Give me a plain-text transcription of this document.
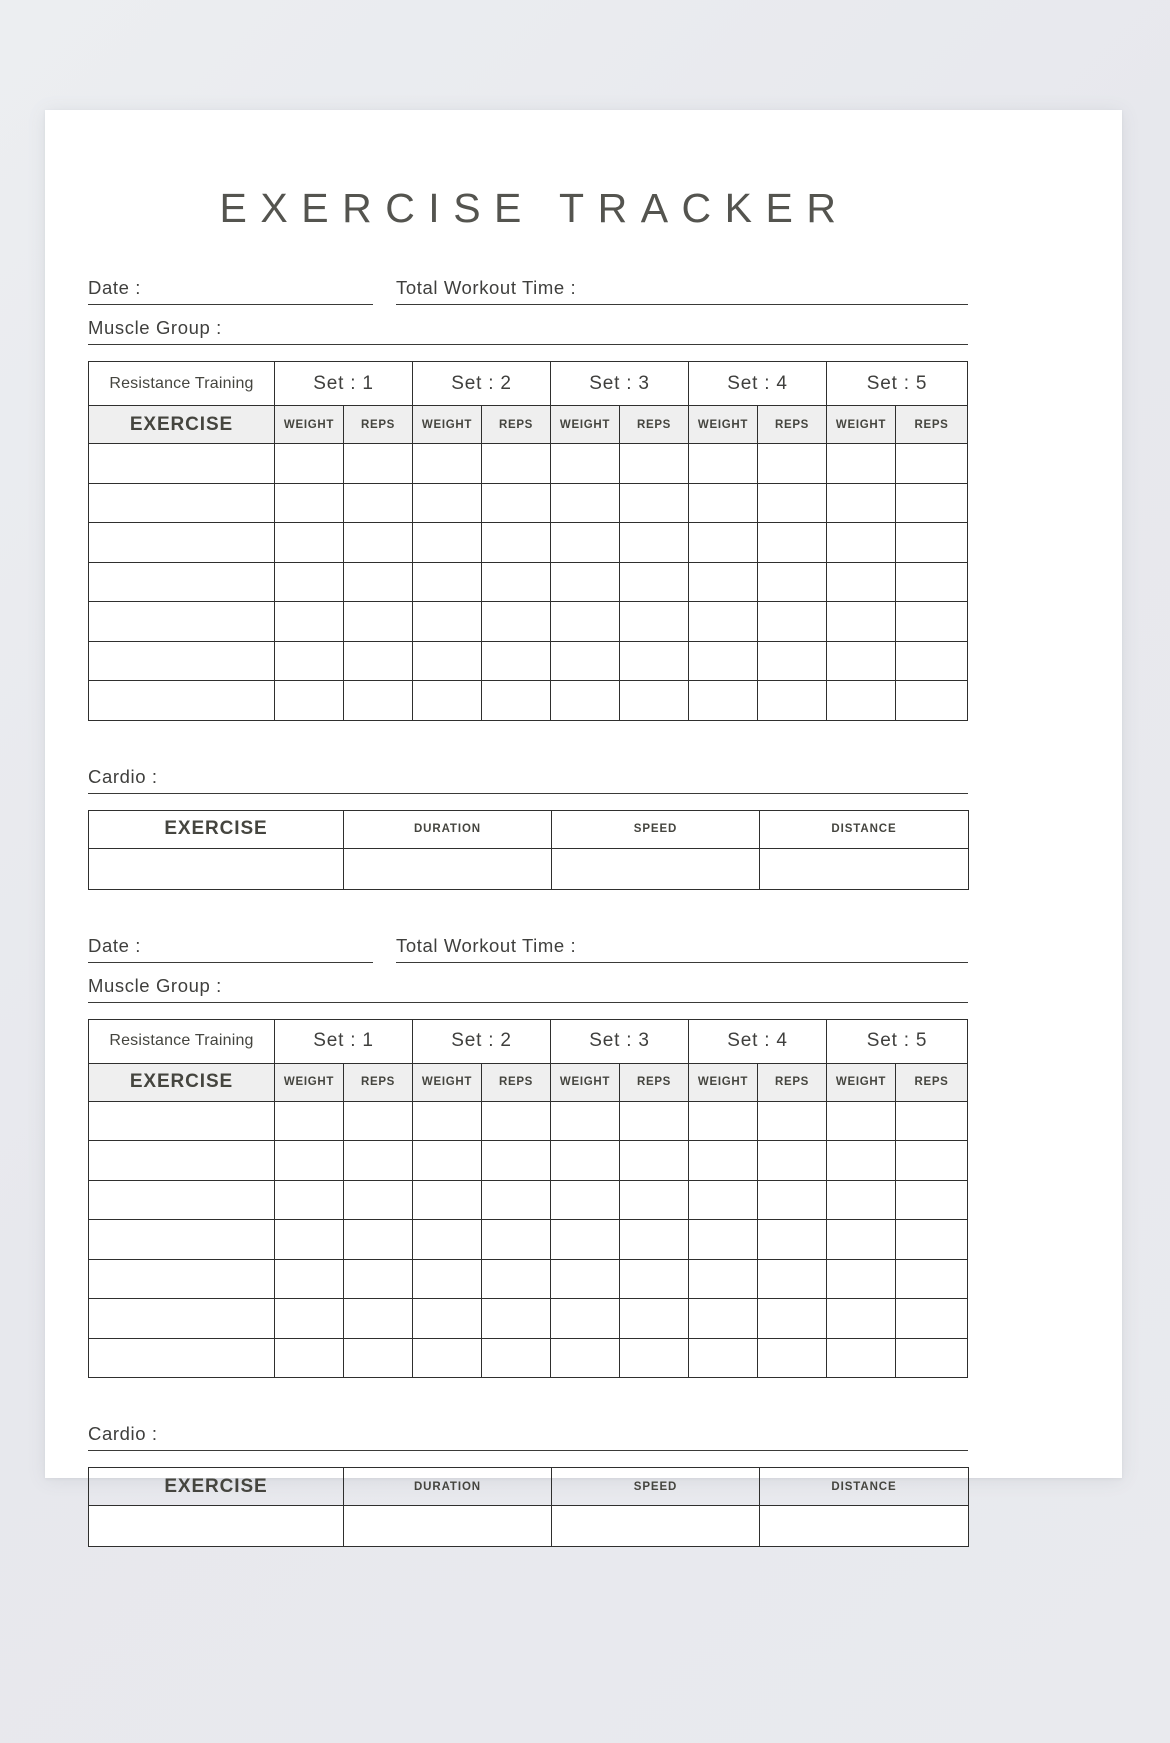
EXERCISE TRACKER
Date :	Total Workout Time :
Muscle Group :
Resistance Training	Set : 1		Set : 2		Set : 3		Set : 4		Set : 5	
EXERCISE	WEIGHT	REPS	WEIGHT	REPS	WEIGHT	REPS	WEIGHT	REPS	WEIGHT	REPS

Cardio :
EXERCISE	DURATION	SPEED	DISTANCE

Date :	Total Workout Time :
Muscle Group :
Resistance Training	Set : 1		Set : 2		Set : 3		Set : 4		Set : 5	
EXERCISE	WEIGHT	REPS	WEIGHT	REPS	WEIGHT	REPS	WEIGHT	REPS	WEIGHT	REPS

Cardio :
EXERCISE	DURATION	SPEED	DISTANCE
